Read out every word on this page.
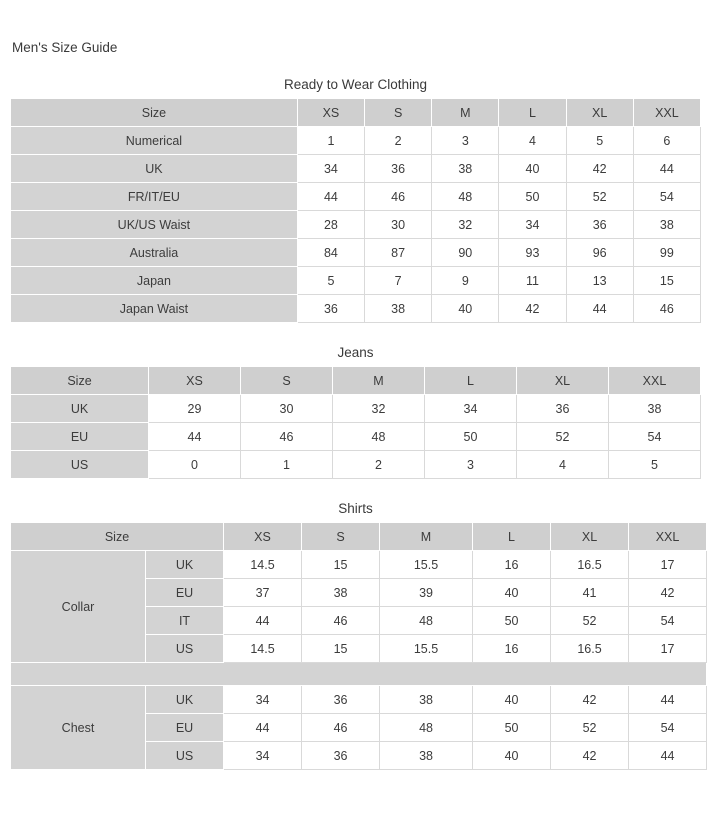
Men's Size Guide
Ready to Wear Clothing
Size	XS	S	M	L	XL	XXL
Numerical	1	2	3	4	5	6
UK	34	36	38	40	42	44
FR/IT/EU	44	46	48	50	52	54
UK/US Waist	28	30	32	34	36	38
Australia	84	87	90	93	96	99
Japan	5	7	9	11	13	15
Japan Waist	36	38	40	42	44	46
Jeans
Size	XS	S	M	L	XL	XXL
UK	29	30	32	34	36	38
EU	44	46	48	50	52	54
US	0	1	2	3	4	5
Shirts
Size		XS	S	M	L	XL	XXL
Collar	UK	14.5	15	15.5	16	16.5	17
	EU	37	38	39	40	41	42
	IT	44	46	48	50	52	54
	US	14.5	15	15.5	16	16.5	17

Chest	UK	34	36	38	40	42	44
	EU	44	46	48	50	52	54
	US	34	36	38	40	42	44
